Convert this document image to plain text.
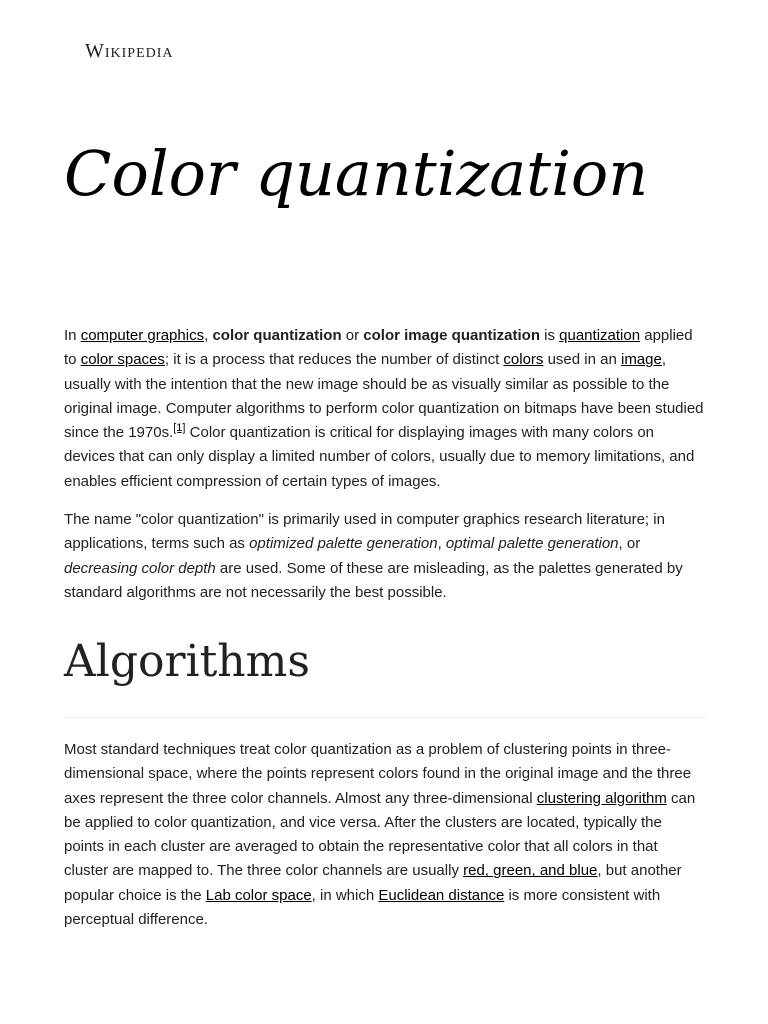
Wikipedia
Color quantization

In computer graphics, color quantization or color image quantization is quantization applied to color spaces; it is a process that reduces the number of distinct colors used in an image, usually with the intention that the new image should be as visually similar as possible to the original image. Computer algorithms to perform color quantization on bitmaps have been studied since the 1970s.[1] Color quantization is critical for displaying images with many colors on devices that can only display a limited number of colors, usually due to memory limitations, and enables efficient compression of certain types of images.

The name "color quantization" is primarily used in computer graphics research literature; in applications, terms such as optimized palette generation, optimal palette generation, or decreasing color depth are used. Some of these are misleading, as the palettes generated by standard algorithms are not necessarily the best possible.

Algorithms

Most standard techniques treat color quantization as a problem of clustering points in three-dimensional space, where the points represent colors found in the original image and the three axes represent the three color channels. Almost any three-dimensional clustering algorithm can be applied to color quantization, and vice versa. After the clusters are located, typically the points in each cluster are averaged to obtain the representative color that all colors in that cluster are mapped to. The three color channels are usually red, green, and blue, but another popular choice is the Lab color space, in which Euclidean distance is more consistent with perceptual difference.
